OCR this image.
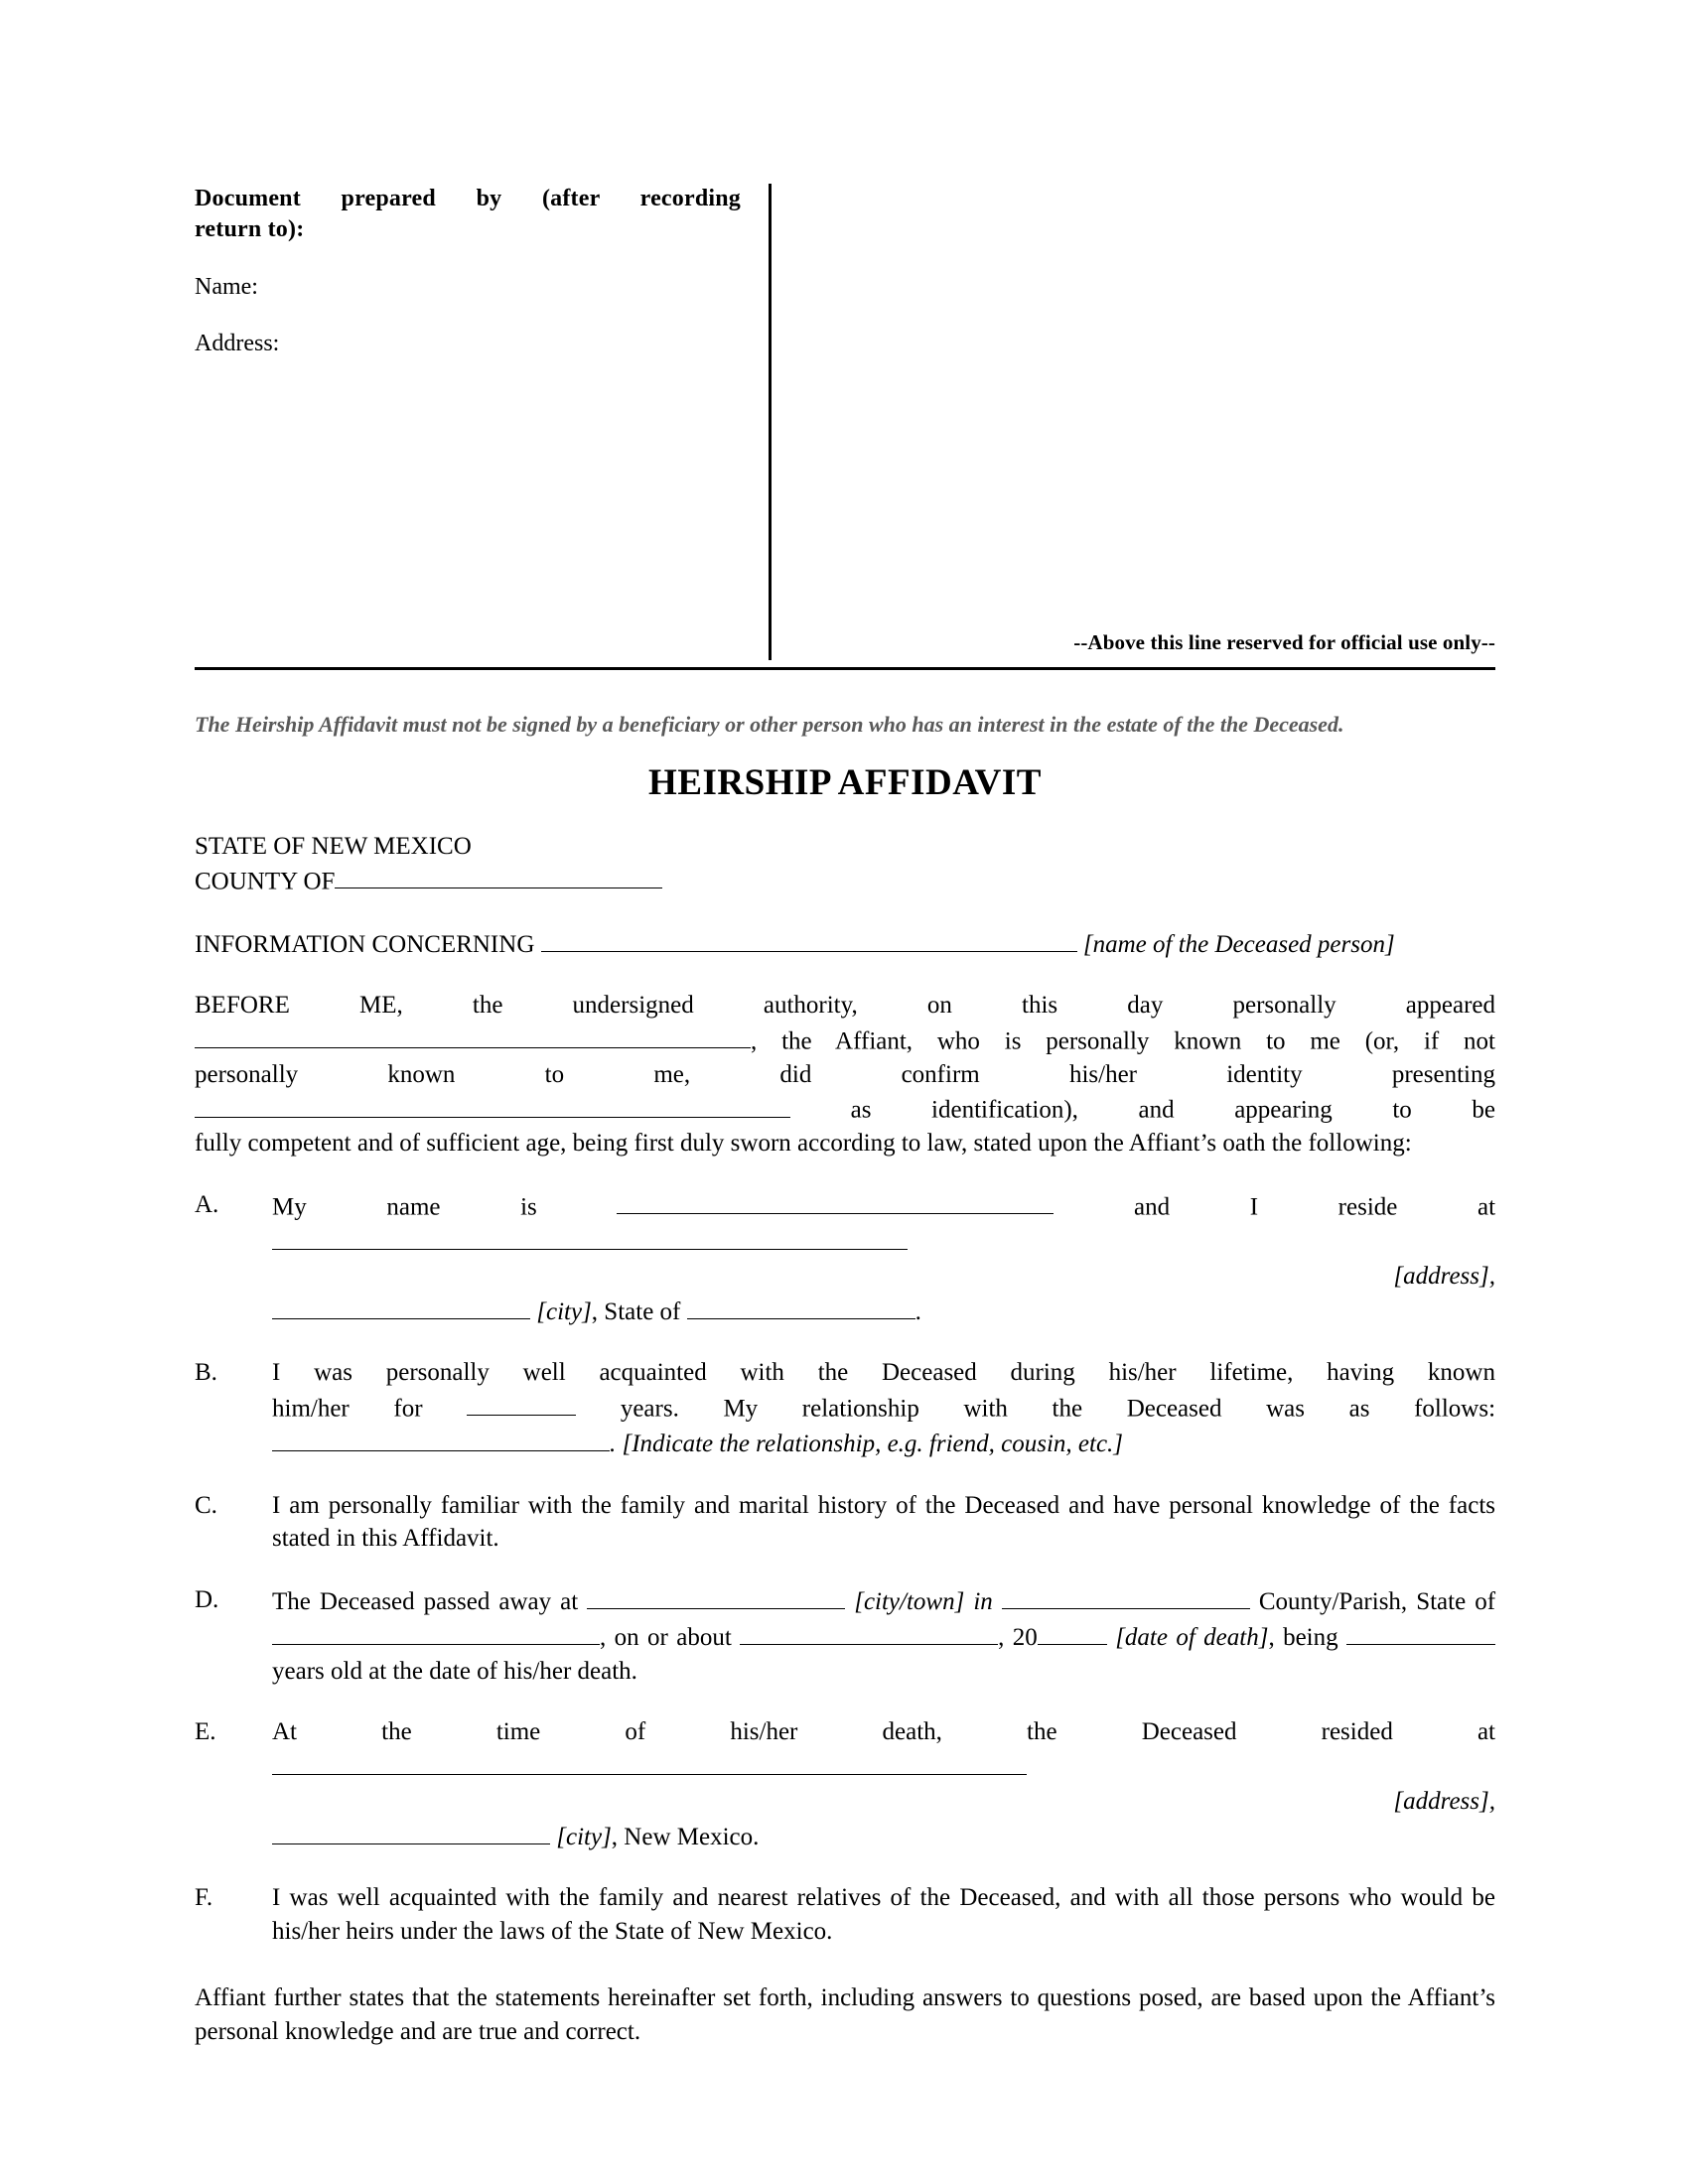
Document prepared by (after recording
return to):
Name:
Address:
--Above this line reserved for official use only--
The Heirship Affidavit must not be signed by a beneficiary or other person who has an interest in the estate of the the Deceased.
HEIRSHIP AFFIDAVIT
STATE OF NEW MEXICO
COUNTY OF
INFORMATION CONCERNING	[name of the Deceased person]
BEFORE ME, the undersigned authority, on this day personally appeared
, the Affiant, who is personally known to me (or, if not
personally known to me, did confirm his/her identity presenting
as identification), and appearing to be
fully competent and of sufficient age, being first duly sworn according to law, stated upon the Affiant’s oath the following:
A.	My name is	and I reside at
[address],
[city], State of	.
B.	I was personally well acquainted with the Deceased during his/her lifetime, having known
him/her for	years. My relationship with the Deceased was as follows:
. [Indicate the relationship, e.g. friend, cousin, etc.]
C.	I am personally familiar with the family and marital history of the Deceased and have personal knowledge of the facts stated in this Affidavit.
D.	The Deceased passed away at	[city/town] in	County/Parish, State of , on or about	, 20	[date of death], being  years old at the date of his/her death.
E.	At the time of his/her death, the Deceased resided at
[address],
[city], New Mexico.
F.	I was well acquainted with the family and nearest relatives of the Deceased, and with all those persons who would be his/her heirs under the laws of the State of New Mexico.
Affiant further states that the statements hereinafter set forth, including answers to questions posed, are based upon the Affiant’s personal knowledge and are true and correct.
